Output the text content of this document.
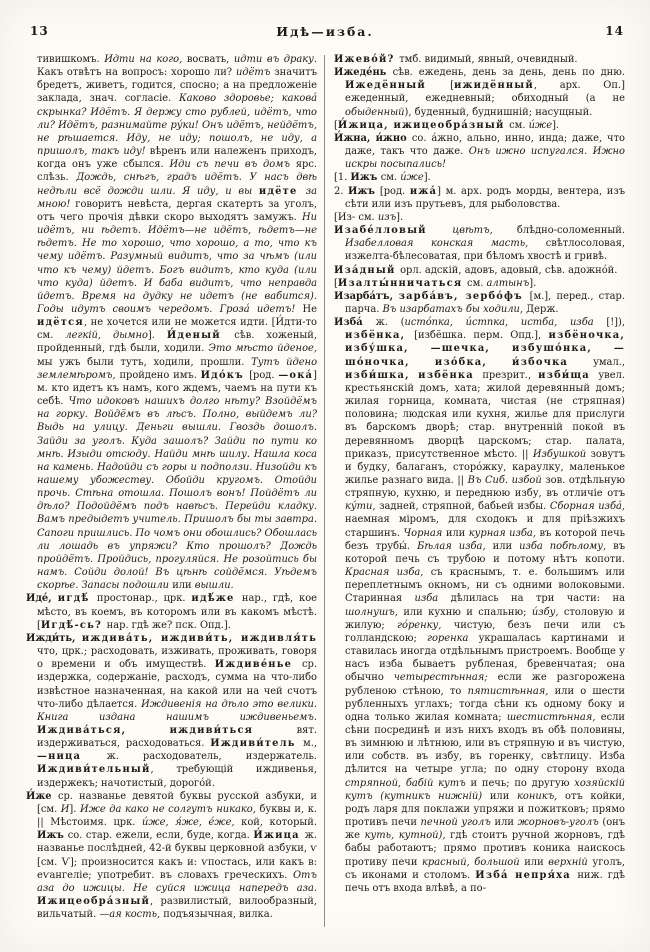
13	Идѣ—изба.	14

тивишкомъ. Идти на кого, восвать, идти въ драку. Какъ отвѣтъ на вопросъ: хорошо ли? идётъ значитъ бредетъ, живетъ, годится, спосно; а на предложеніе заклада, знач. согласіе. Каково здоровье; какова́ скрынка? Идётъ. Я держу сто рублей, идётъ, что ли? Идётъ, разнимайте ру́ки! Онъ идётъ, нейдётъ, не рѣшается. Иду, не иду; пошолъ, не иду, а пришолъ, такъ иду! вѣренъ или належенъ приходъ, когда онъ уже сбылся. Иди съ печи въ домъ ярс. слѣзь. Дождь, снѣгъ, градъ идётъ. У насъ двѣ недѣли всё дожди шли. Я иду, и вы идёте за мною! говоритъ невѣста, дергая скатерть за уголъ, отъ чего прочія дѣвки скоро выходятъ замужъ. Ни идётъ, ни ѣдетъ. Идётъ—не идётъ, ѣдетъ—не ѣдетъ. Не то хорошо, что хорошо, а то, что къ чему идётъ. Разумный видитъ, что за чѣмъ (или что къ чему) йдетъ. Богъ видитъ, кто куда (или что куда) йдетъ. И баба видитъ, что неправда йдетъ. Время на дудку не идетъ (не вабится). Годы идутъ своимъ чередомъ. Гроза́ идетъ! Не идётся, не хочется или не можется идти. [И́дти-то см. легкій, дымно]. И́деный сѣв. хоженый, пройденный, гдѣ были, ходили. Это мѣсто йденое, мы ужъ были тутъ, ходили, прошли. Тутъ йдено землемѣромъ, пройдено имъ. Идо́къ [род. —ока́] м. кто идетъ къ намъ, кого ждемъ, чаемъ на пути къ себѣ. Что идоковъ нашихъ долго нѣту? Взойдёмъ на горку. Войдёмъ въ лѣсъ. Полно, выйдемъ ли? Выдь на улицу. Деньги вышли. Гвоздь дошолъ. Зайди за уголъ. Куда зашолъ? Зайди по пути ко мнѣ. Изыди отсюду. Найди мнѣ шилу. Нашла коса на камень. Надойди съ горы и подползи. Низойди къ нашему убожеству. Обойди кругомъ. Отойди прочь. Стѣна отошла. Пошолъ вонъ! Пойдётъ ли дѣло? Подойдёмъ подъ навѣсъ. Перейди кладку. Вамъ предыдетъ учитель. Пришолъ бы ты завтра. Сапоги пришлись. По чомъ они обошлись? Обошлась ли лошадь въ упряжи? Кто прошолъ? Дождь пройдётъ. Пройдись, прогуляйся. Не розойтись бы намъ. Сойди долой! Въ цѣнѣ сойдёмся. Уѣдемъ скорѣе. Запасы подошли или вышли.

Иде́, игдѣ́ простонар., црк. идѣ́же нар., гдѣ, кое мѣсто, въ коемъ, въ которомъ или въ какомъ мѣстѣ. [Игдѣ́-сь? нар. гдѣ же? пск. Опд.].

Ижди́ть, иждива́ть, иждиви́ть, иждивля́ть что, црк.; расходовать, изживать, проживать, говоря о времени и объ имуществѣ. Иждиве́нье ср. издержка, содержаніе, расходъ, сумма на что-либо извѣстное назначенная, на какой или на чей счотъ что-либо дѣлается. Иждивенія на дѣло это велики. Книга издана нашимъ иждивеньемъ. Иждива́ться, иждиви́ться вят. издерживаться, расходоваться. Иждиви́тель м., —ница ж. расходователь, издержатель. Иждиви́тельный, требующій иждивенья, издержекъ; начотистый, дорого́й.

И́же ср. названье девятой буквы русской азбуки, и [см. И]. Иже да како не солгутъ никако, буквы и, к. || Мѣстоимя. црк. и́же, я́же, е́же, кой, который. Ижъ со. стар. ежели, если, буде, когда. И́жица ж. названье послѣдней, 42-й буквы церковной азбуки, ѵ [см. Ѵ]; произносится какъ и: ѵпостась, или какъ в: еѵангеліе; употребит. въ словахъ греческихъ. Отъ аза до ижицы. Не суйся ижица напередъ аза. Ижицеобра́зный, развилистый, вилообразный, вильчатый. —ая кость, подъязычная, вилка.

Ижево́й? тмб. видимый, явный, очевидный.

Ижеде́нь сѣв. ежедень, день за день, день по дню. Ижедённый [ижидённый, арх. Оп.] ежеденный, ежедневный; обиходный (а не обыденный), буденный, буднишній; насущный.

[И́жица, ижицеобра́зный см. и́же].

И́жна, и́жно со. а́жно, ально, инно, инда; даже, что даже, такъ что даже. Онъ ижно испугался. Ижно искры посыпались!

[1. Ижъ см. и́же].

2. Ижъ [род. ижа́] м. арх. родъ морды, вентера, изъ сѣти или изъ прутьевъ, для рыболовства.

[Из- см. изъ].

Изабе́лловый цвѣтъ, блѣдно-соломенный. Изабелловая конская масть, свѣтлосоловая, изжелта-бѣлесоватая, при бѣломъ хвостѣ и гривѣ.

Иза́дный орл. адскій, адовъ, адовый, сѣв. адожно́й.

[Изалты́нничаться см. алтынъ].

Изарба́тъ, зарба́въ, зербо́фъ [м.], перед., стар. парча. Въ изарбатахъ бы ходили, Держ.

Изба́ ж. (исто́пка, и́стпка, истба, изба [!]), избёнка, [избёшка. перм. Опд.], избёночка, избу́шка, —шечка, избушо́нка, —шо́ночка, изо́бка, и́збочка умал., изби́шка, избёнка презрит., изби́ща увел. крестьянскій домъ, хата; жилой деревянный домъ; жилая горница, комната, чистая (не стряпная) половина; людская или кухня, жилье для прислуги въ барскомъ дворѣ; стар. внутренній покой въ деревянномъ дворцѣ царскомъ; стар. палата, приказъ, присутственное мѣсто. || Избушкой зовутъ и будку, балаганъ, сторо́жку, караулку, маленькое жилье разнаго вида. || Въ Сиб. избой зов. отдѣльную стряпную, кухню, и переднюю избу, въ отличіе отъ ку́ти, задней, стряпной, бабьей избы. Сборная изба́, наемная міромъ, для сходокъ и для пріѣзжихъ старшинъ. Чорная или курная изба, въ которой печь безъ трубы́. Бѣлая изба, или изба побѣлому, въ которой печь съ трубою и потому нѣтъ копоти. Красная изба, съ краснымъ, т. е. большимъ или переплетнымъ окномъ, ни съ одними волоковыми. Старинная изба дѣлилась на три части: на шолнушъ, или кухню и спальню; и́збу, столовую и жилую; го́ренку, чистую, безъ печи или съ голландскою; горенка украшалась картинами и ставилась иногда отдѣльнымъ пристроемъ. Вообще у насъ изба бываетъ рубленая, бревенчатая; она обычно четырестѣнная; если же разгорожена рубленою стѣною, то пятистѣнная, или о шести рубленныхъ углахъ; тогда сѣни къ одному боку и одна только жилая комната; шестистѣнная, если сѣни посрединѣ и изъ нихъ входъ въ обѣ половины, въ зимнюю и лѣтнюю, или въ стряпную и въ чистую, или собств. въ избу, въ горенку, свѣтлицу. Изба дѣлится на четыре угла; по одну сторону входа стряпной, бабій кутъ и печь; по другую хозяйскій кутъ (кутникъ нижній) или коникъ, отъ койки, родъ ларя для поклажи упряжи и пожитковъ; прямо противъ печи печной уголъ или жорновъ-уголъ (онъ же куть, кутной), гдѣ стоитъ ручной жорновъ, гдѣ бабы работаютъ; прямо противъ коника наискось противу печи красный, большой или верхній уголъ, съ иконами и столомъ. Изба́ непря́ха ниж. гдѣ печь отъ входа влѣвѣ, а по-
